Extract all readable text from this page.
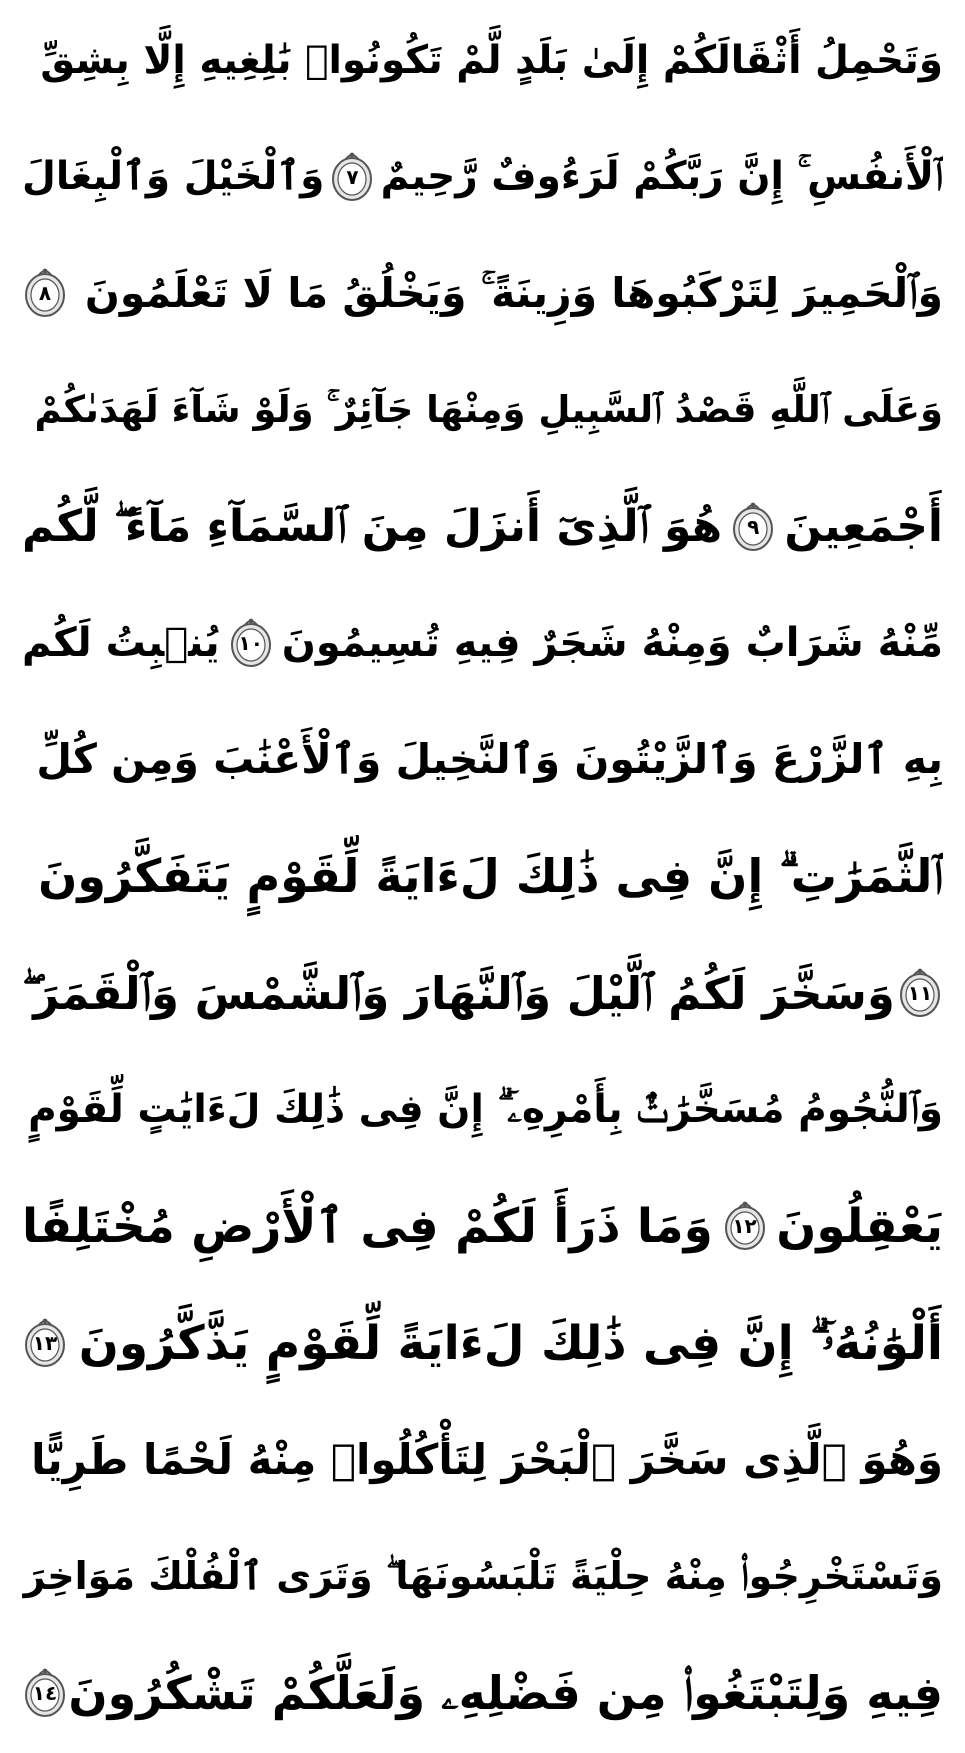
وَتَحْمِلُ أَثْقَالَكُمْ إِلَىٰ بَلَدٍ لَّمْ تَكُونُوا۟ بَٰلِغِيهِ إِلَّا بِشِقِّ
ٱلْأَنفُسِ ۚ إِنَّ رَبَّكُمْ لَرَءُوفٌ رَّحِيمٌ
٧
وَٱلْخَيْلَ وَٱلْبِغَالَ
وَٱلْحَمِيرَ لِتَرْكَبُوهَا وَزِينَةً ۚ وَيَخْلُقُ مَا لَا تَعْلَمُونَ
٨
وَعَلَى ٱللَّهِ قَصْدُ ٱلسَّبِيلِ وَمِنْهَا جَآئِرٌ ۚ وَلَوْ شَآءَ لَهَدَىٰكُمْ
أَجْمَعِينَ
٩
هُوَ ٱلَّذِىٓ أَنزَلَ مِنَ ٱلسَّمَآءِ مَآءً ۖ لَّكُم
مِّنْهُ شَرَابٌ وَمِنْهُ شَجَرٌ فِيهِ تُسِيمُونَ
١٠
يُنۢبِتُ لَكُم
بِهِ ٱلزَّرْعَ وَٱلزَّيْتُونَ وَٱلنَّخِيلَ وَٱلْأَعْنَٰبَ وَمِن كُلِّ
ٱلثَّمَرَٰتِ ۗ إِنَّ فِى ذَٰلِكَ لَءَايَةً لِّقَوْمٍ يَتَفَكَّرُونَ
١١
وَسَخَّرَ لَكُمُ ٱلَّيْلَ وَٱلنَّهَارَ وَٱلشَّمْسَ وَٱلْقَمَرَ ۖ
وَٱلنُّجُومُ مُسَخَّرَٰتٌۢ بِأَمْرِهِۦٓ ۗ إِنَّ فِى ذَٰلِكَ لَءَايَٰتٍ لِّقَوْمٍ
يَعْقِلُونَ
١٢
وَمَا ذَرَأَ لَكُمْ فِى ٱلْأَرْضِ مُخْتَلِفًا
أَلْوَٰنُهُۥٓ ۗ إِنَّ فِى ذَٰلِكَ لَءَايَةً لِّقَوْمٍ يَذَّكَّرُونَ
١٣
وَهُوَ ٱلَّذِى سَخَّرَ ٱلْبَحْرَ لِتَأْكُلُوا۟ مِنْهُ لَحْمًا طَرِيًّا
وَتَسْتَخْرِجُوا۟ مِنْهُ حِلْيَةً تَلْبَسُونَهَا ۖ وَتَرَى ٱلْفُلْكَ مَوَاخِرَ
فِيهِ وَلِتَبْتَغُوا۟ مِن فَضْلِهِۦ وَلَعَلَّكُمْ تَشْكُرُونَ
١٤
